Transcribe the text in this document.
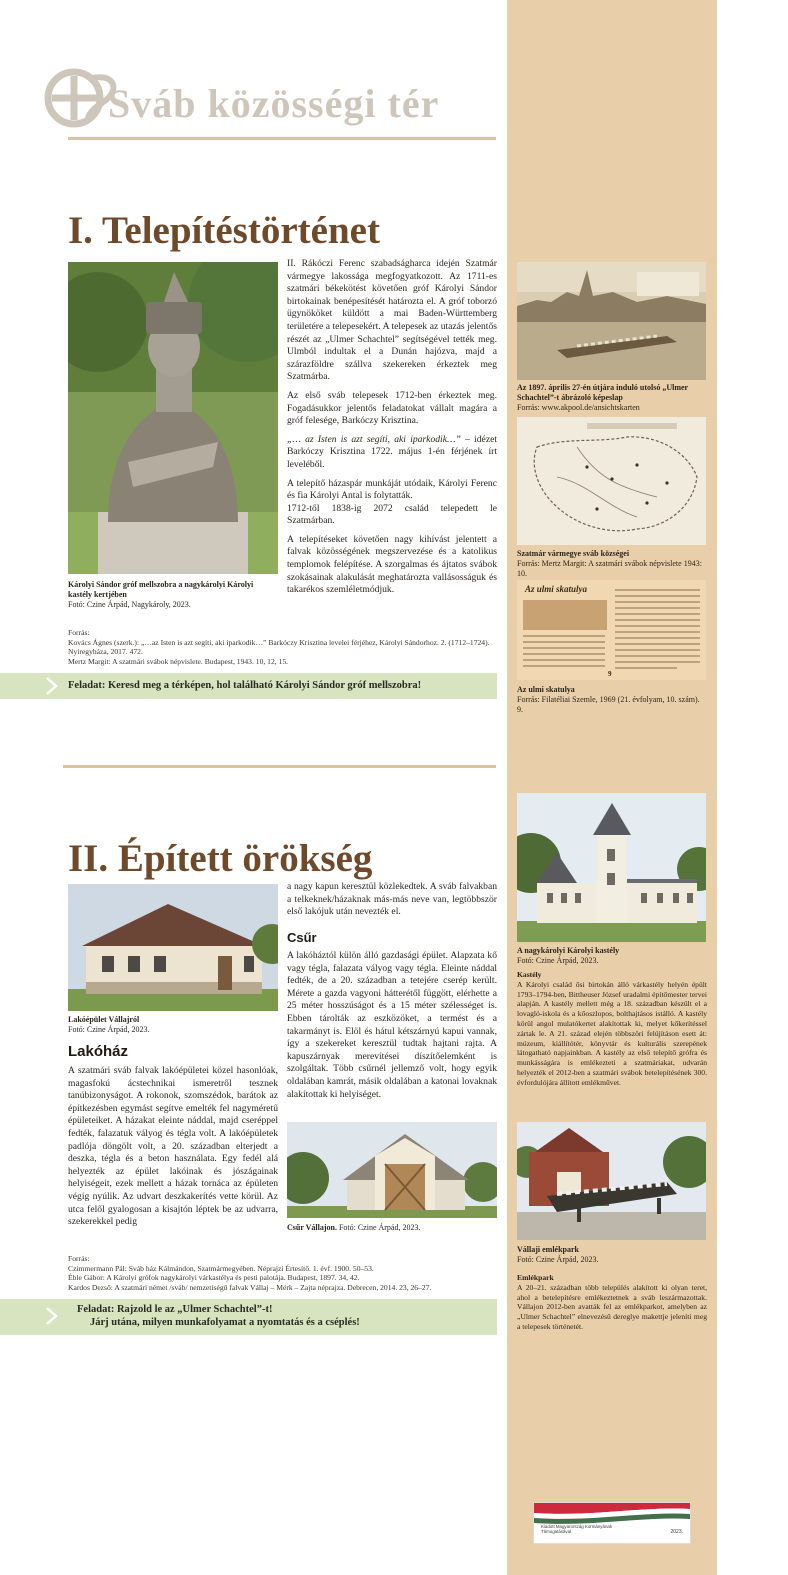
Sváb közösségi tér
I. Telepítéstörténet
Károlyi Sándor gróf mellszobra a nagykárolyi Károlyi kastély kertjében
Fotó: Czine Árpád, Nagykároly, 2023.

II. Rákóczi Ferenc szabadságharca idején Szatmár vármegye lakossága megfogyatkozott. Az 1711-es szatmári békekötést követően gróf Károlyi Sándor birtokainak benépesítését határozta el. A gróf toborzó ügynököket küldött a mai Baden-Württemberg területére a telepesekért. A telepesek az utazás jelentős részét az „Ulmer Schachtel” segítségével tették meg. Ulmból indultak el a Dunán hajózva, majd a szárazföldre szállva szekereken érkeztek meg Szatmárba.

Az első sváb telepesek 1712-ben érkeztek meg. Fogadásukkor jelentős feladatokat vállalt magára a gróf felesége, Barkóczy Krisztina.

„… az Isten is azt segíti, aki iparkodik…” – idézet Barkóczy Krisztina 1722. május 1-én férjének írt leveléből.

A telepítő házaspár munkáját utódaik, Károlyi Ferenc és fia Károlyi Antal is folytatták.

1712-től 1838-ig 2072 család telepedett le Szatmárban.

A telepítéseket követően nagy kihívást jelentett a falvak közösségének megszervezése és a katolikus templomok felépítése. A szorgalmas és ájtatos svábok szokásainak alakulását meghatározta vallásosságuk és takarékos szemléletmódjuk.

Forrás:
Kovács Ágnes (szerk.): „…az Isten is azt segíti, aki iparkodik…” Barkóczy Krisztina levelei férjéhez, Károlyi Sándorhoz. 2. (1712–1724). Nyíregyháza, 2017. 472.
Mertz Margit: A szatmári svábok népvislete. Budapest, 1943. 10, 12, 15.
Feladat: Keresd meg a térképen, hol található Károlyi Sándor gróf mellszobra!
Az 1897. április 27-én útjára induló utolsó „Ulmer Schachtel”-t ábrázoló képeslap
Forrás: www.akpool.de/ansichtskarten
Szatmár vármegye sváb községei
Forrás: Mertz Margit: A szatmári svábok népvislete 1943: 10.
Az ulmi skatulya
9
Az ulmi skatulya
Forrás: Filatéliai Szemle, 1969 (21. évfolyam, 10. szám). 9.
II. Épített örökség
Lakóépület Vállajról
Fotó: Czine Árpád, 2023.
Lakóház
A szatmári sváb falvak lakóépületei közel hasonlóak, magasfokú ácstechnikai ismeretről tesznek tanúbizonyságot. A rokonok, szomszédok, barátok az építkezésben egymást segítve emelték fel nagyméretű épületeiket. A házakat eleinte náddal, majd cseréppel fedték, falazatuk vályog és tégla volt. A lakóépületek padlója döngölt volt, a 20. században elterjedt a deszka, tégla és a beton használata. Egy fedél alá helyezték az épület lakóinak és jószágainak helyiségeit, ezek mellett a házak tornáca az épületen végig nyúlik. Az udvart deszkakerítés vette körül. Az utca felől gyalogosan a kisajtón léptek be az udvarra, szekerekkel pedig
a nagy kapun keresztül közlekedtek. A sváb falvakban a telkeknek/házaknak más-más neve van, legtöbbször első lakójuk után nevezték el.
Csűr
A lakóháztól külön álló gazdasági épület. Alapzata kő vagy tégla, falazata vályog vagy tégla. Eleinte náddal fedték, de a 20. században a tetejére cserép került. Mérete a gazda vagyoni hátterétől függött, elérhette a 25 méter hosszúságot és a 15 méter szélességet is. Ebben tárolták az eszközöket, a termést és a takarmányt is. Elöl és hátul kétszárnyú kapui vannak, így a szekereket keresztül tudtak hajtani rajta. A kapuszárnyak merevítései díszítőelemként is szolgáltak. Több csűrnél jellemző volt, hogy egyik oldalában kamrát, másik oldalában a katonai lovaknak alakítottak ki helyiséget.
Csűr Vállajon. Fotó: Czine Árpád, 2023.
Forrás:
Czimmermann Pál: Sváb ház Kálmándon, Szatmármegyében. Néprajzi Értesítő. 1. évf. 1900. 50–53.
Éble Gábor: A Károlyi grófok nagykárolyi várkastélya és pesti palotája. Budapest, 1897. 34, 42.
Kardos Dezső: A szatmári német /sváb/ nemzetiségű falvak Vállaj – Mérk – Zajta néprajza. Debrecen, 2014. 23, 26–27.
Feladat: Rajzold le az „Ulmer Schachtel”-t!
Járj utána, milyen munkafolyamat a nyomtatás és a cséplés!
A nagykárolyi Károlyi kastély
Fotó: Czine Árpád, 2023.
Kastély
A Károlyi család ősi birtokán álló várkastély helyén épült 1793–1794-ben, Bittheuser József uradalmi építőmester tervei alapján. A kastély mellett még a 18. században készült el a lovagló-iskola és a kőoszlopos, bolthajtásos istálló. A kastély körül angol mulatókertet alakítottak ki, melyet kőkerítéssel zártak le. A 21. század elején többszöri felújításon esett át: múzeum, kiállítótér, könyvtár és kulturális szerepének látogatható napjainkban. A kastély az első telepítő grófra és munkásságára is emlékezteti a szatmáriakat, udvarán helyezték el 2012-ben a szatmári svábok betelepítésének 300. évfordulójára állított emlékművet.
Vállaji emlékpark
Fotó: Czine Árpád, 2023.
Emlékpark
A 20–21. században több település alakított ki olyan teret, ahol a betelepítésre emlékeztetnek a sváb leszármazottak. Vállajon 2012-ben avatták fel az emlékparkot, amelyben az „Ulmer Schachtel” elnevezésű dereglye makettje jeleníti meg a telepesek történetét.
Kiadott Magyarország Kormányának Támogatásával	2023.
